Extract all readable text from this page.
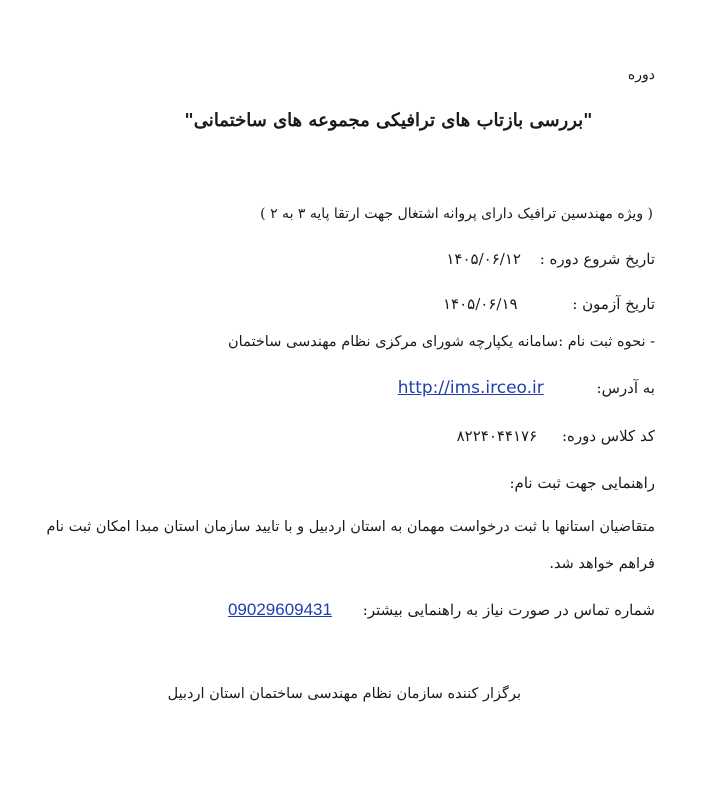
دوره
"بررسی بازتاب های ترافیکی مجموعه های ساختمانی"
( ویژه مهندسین ترافیک دارای پروانه اشتغال جهت ارتقا پایه ۳ به ۲ )
تاریخ شروع دوره : ۱۴۰۵/۰۶/۱۲
تاریخ آزمون : ۱۴۰۵/۰۶/۱۹
- نحوه ثبت نام :سامانه یکپارچه شورای مرکزی نظام مهندسی ساختمان
به آدرس: http://ims.irceo.ir
کد کلاس دوره: ۸۲۲۴۰۴۴۱۷۶
راهنمایی جهت ثبت نام:
متقاضیان استانها با ثبت درخواست مهمان به استان اردبیل و با تایید سازمان استان مبدا امکان ثبت نام
فراهم خواهد شد.
شماره تماس در صورت نیاز به راهنمایی بیشتر: 09029609431
برگزار کننده سازمان نظام مهندسی ساختمان استان اردبیل
